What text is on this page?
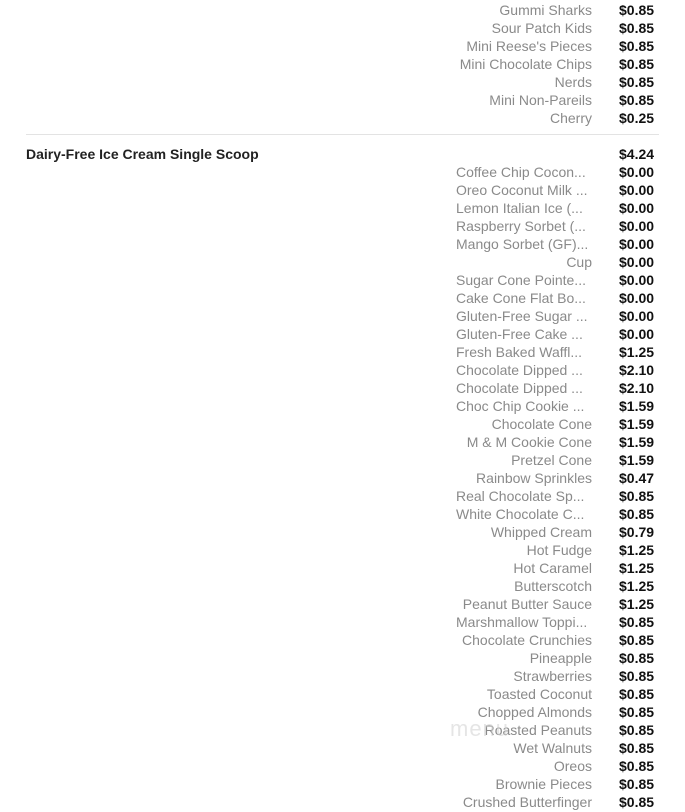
Gummi Sharks $0.85
Sour Patch Kids $0.85
Mini Reese's Pieces $0.85
Mini Chocolate Chips $0.85
Nerds $0.85
Mini Non-Pareils $0.85
Cherry $0.25
Dairy-Free Ice Cream Single Scoop	$4.24
Coffee Chip Cocon...	$0.00
Oreo Coconut Milk ...	$0.00
Lemon Italian Ice (...	$0.00
Raspberry Sorbet (...	$0.00
Mango Sorbet (GF)... $0.00
Cup $0.00
Sugar Cone Pointe...	$0.00
Cake Cone Flat Bo...	$0.00
Gluten-Free Sugar ...	$0.00
Gluten-Free Cake ...	$0.00
Fresh Baked Waffl...	$1.25
Chocolate Dipped ...	$2.10
Chocolate Dipped ...	$2.10
Choc Chip Cookie ...	$1.59
Chocolate Cone $1.59
M & M Cookie Cone $1.59
Pretzel Cone $1.59
Rainbow Sprinkles $0.47
Real Chocolate Sp...	$0.85
White Chocolate C...	$0.85
Whipped Cream $0.79
Hot Fudge $1.25
Hot Caramel $1.25
Butterscotch $1.25
Peanut Butter Sauce $1.25
Marshmallow Toppi...	$0.85
Chocolate Crunchies $0.85
Pineapple $0.85
Strawberries $0.85
Toasted Coconut $0.85
Chopped Almonds $0.85
Roasted Peanuts $0.85
Wet Walnuts $0.85
Oreos $0.85
Brownie Pieces $0.85
Crushed Butterfinger $0.85
menu
